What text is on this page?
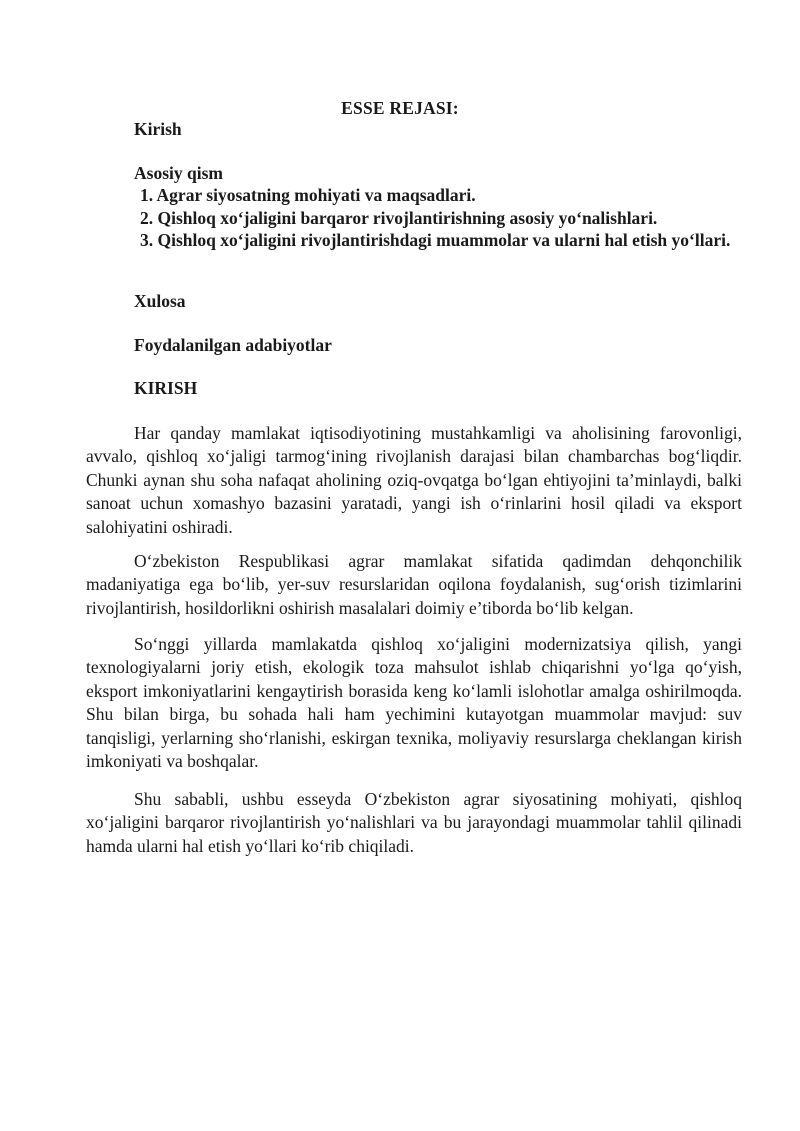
ESSE REJASI:
Kirish
Asosiy qism
1. Agrar siyosatning mohiyati va maqsadlari.
2. Qishloq xo‘jaligini barqaror rivojlantirishning asosiy yo‘nalishlari.
3. Qishloq xo‘jaligini rivojlantirishdagi muammolar va ularni hal etish yo‘llari.
Xulosa
Foydalanilgan adabiyotlar
KIRISH
Har qanday mamlakat iqtisodiyotining mustahkamligi va aholisining farovonligi, avvalo, qishloq xo‘jaligi tarmog‘ining rivojlanish darajasi bilan chambarchas bog‘liqdir. Chunki aynan shu soha nafaqat aholining oziq-ovqatga bo‘lgan ehtiyojini ta’minlaydi, balki sanoat uchun xomashyo bazasini yaratadi, yangi ish o‘rinlarini hosil qiladi va eksport salohiyatini oshiradi.
O‘zbekiston Respublikasi agrar mamlakat sifatida qadimdan dehqonchilik madaniyatiga ega bo‘lib, yer-suv resurslaridan oqilona foydalanish, sug‘orish tizimlarini rivojlantirish, hosildorlikni oshirish masalalari doimiy e’tiborda bo‘lib kelgan.
So‘nggi yillarda mamlakatda qishloq xo‘jaligini modernizatsiya qilish, yangi texnologiyalarni joriy etish, ekologik toza mahsulot ishlab chiqarishni yo‘lga qo‘yish, eksport imkoniyatlarini kengaytirish borasida keng ko‘lamli islohotlar amalga oshirilmoqda. Shu bilan birga, bu sohada hali ham yechimini kutayotgan muammolar mavjud: suv tanqisligi, yerlarning sho‘rlanishi, eskirgan texnika, moliyaviy resurslarga cheklangan kirish imkoniyati va boshqalar.
Shu sababli, ushbu esseyda O‘zbekiston agrar siyosatining mohiyati, qishloq xo‘jaligini barqaror rivojlantirish yo‘nalishlari va bu jarayondagi muammolar tahlil qilinadi hamda ularni hal etish yo‘llari ko‘rib chiqiladi.
